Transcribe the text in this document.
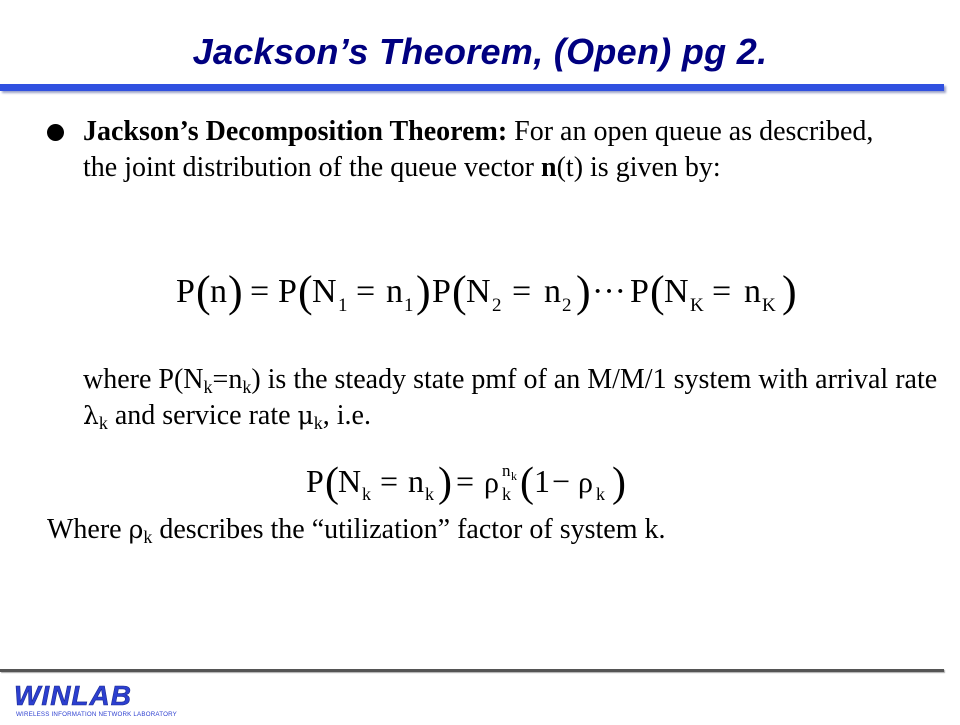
Jackson’s Theorem, (Open) pg 2.
Jackson’s Decomposition Theorem: For an open queue as described, the joint distribution of the queue vector n(t) is given by:
P ( n ) = P ( N 1 = n 1 ) P ( N 2 = n 2 ) ··· P ( N K = n K )
where $P(N_k=n_k)$ is the steady state pmf of an M/M/1 system with arrival rate $\lambda_k$ and service rate $\mu_k$, i.e.
P ( N k = n k ) = ρ n k
k ( 1 − ρ k )
Where $\rho_k$ describes the “utilization” factor of system k.
WINLAB
WIRELESS INFORMATION NETWORK LABORATORY
